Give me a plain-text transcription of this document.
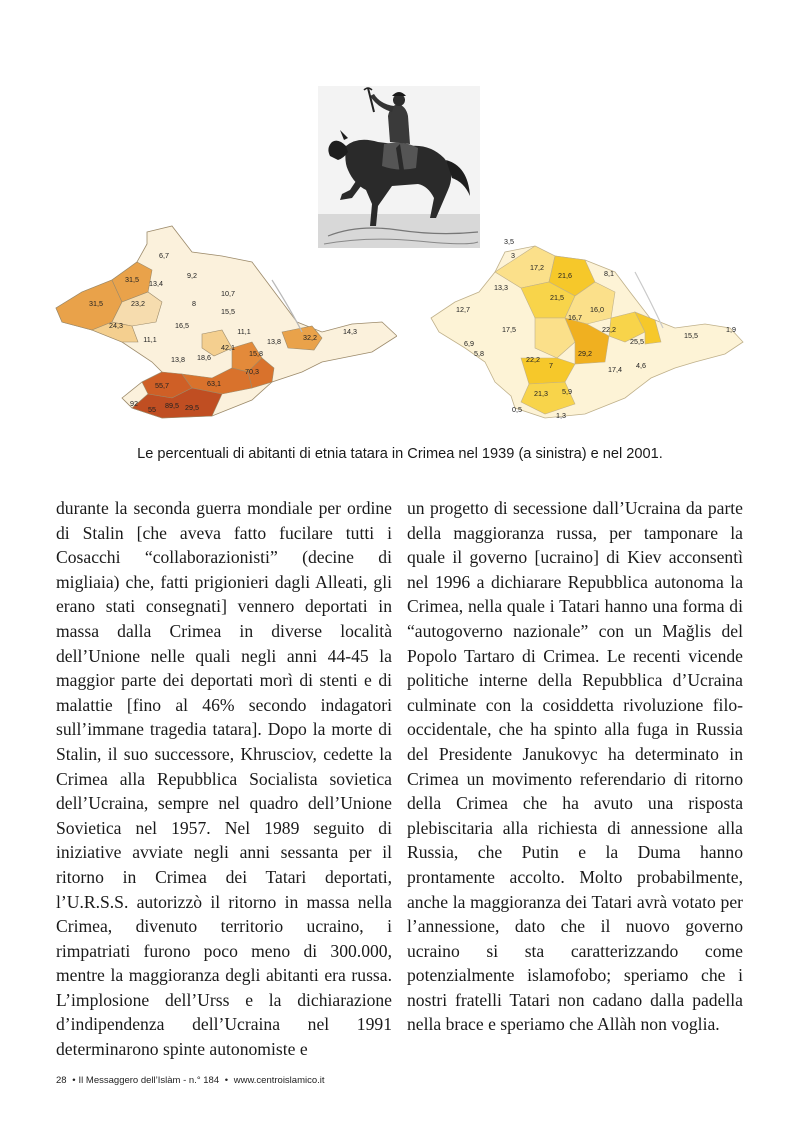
6,7
9,2
13,4
31,5
23,2
31,5	8
10,7
15,5
24,3	16,5
11,1
11,1
13,8 18,6	15,8
13,8	32,2
14,3
42,1
70,3
55,7	63,1
89,5 29,5
55
92
3,5
3
17,2
21,6	8,1
13,3
21,5
12,7	16,0
16,7
22,2
25,5
17,5
15,5
6,9
5,8
1,9
22,2
7
29,2
17,4 4,6
21,3 5,9
0,5
1,3
Le percentuali di abitanti di etnia tatara in Crimea nel 1939 (a sinistra) e nel 2001.

durante la seconda guerra mondiale per ordine di Stalin [che aveva fatto fucilare tutti i Cosacchi “collaborazionisti” (decine di migliaia) che, fatti prigionieri dagli Alleati, gli erano stati consegnati] vennero deportati in massa dalla Crimea in diverse località dell’Unione nelle quali negli anni 44-45 la maggior parte dei deportati morì di stenti e di malattie [fino al 46% secondo indagatori sull’immane tragedia tatara]. Dopo la morte di Stalin, il suo successore, Khrusciov, cedette la Crimea alla Repubblica Socialista sovietica dell’Ucraina, sempre nel quadro dell’Unione Sovietica nel 1957. Nel 1989 seguito di iniziative avviate negli anni sessanta per il ritorno in Crimea dei Tatari deportati, l’U.R.S.S. autorizzò il ritorno in massa nella Crimea, divenuto territorio ucraino, i rimpatriati furono poco meno di 300.000, mentre la maggioranza degli abitanti era russa. L’implosione dell’Urss e la dichiarazione d’indipendenza dell’Ucraina nel 1991 determinarono spinte autonomiste e

un progetto di secessione dall’Ucraina da parte della maggioranza russa, per tamponare la quale il governo [ucraino] di Kiev acconsentì nel 1996 a dichiarare Repubblica autonoma la Crimea, nella quale i Tatari hanno una forma di “autogoverno nazionale” con un Mağlis del Popolo Tartaro di Crimea. Le recenti vicende politiche interne della Repubblica d’Ucraina culminate con la cosiddetta rivoluzione filo-occidentale, che ha spinto alla fuga in Russia del Presidente Janukovyc ha determinato in Crimea un movimento referendario di ritorno della Crimea che ha avuto una risposta plebiscitaria alla richiesta di annessione alla Russia, che Putin e la Duma hanno prontamente accolto. Molto probabilmente, anche la maggioranza dei Tatari avrà votato per l’annessione, dato che il nuovo governo ucraino si sta caratterizzando come potenzialmente islamofobo; speriamo che i nostri fratelli Tatari non cadano dalla padella nella brace e speriamo che Allàh non voglia.

28 • Il Messaggero dell’Islàm - n.° 184 • www.centroislamico.it
